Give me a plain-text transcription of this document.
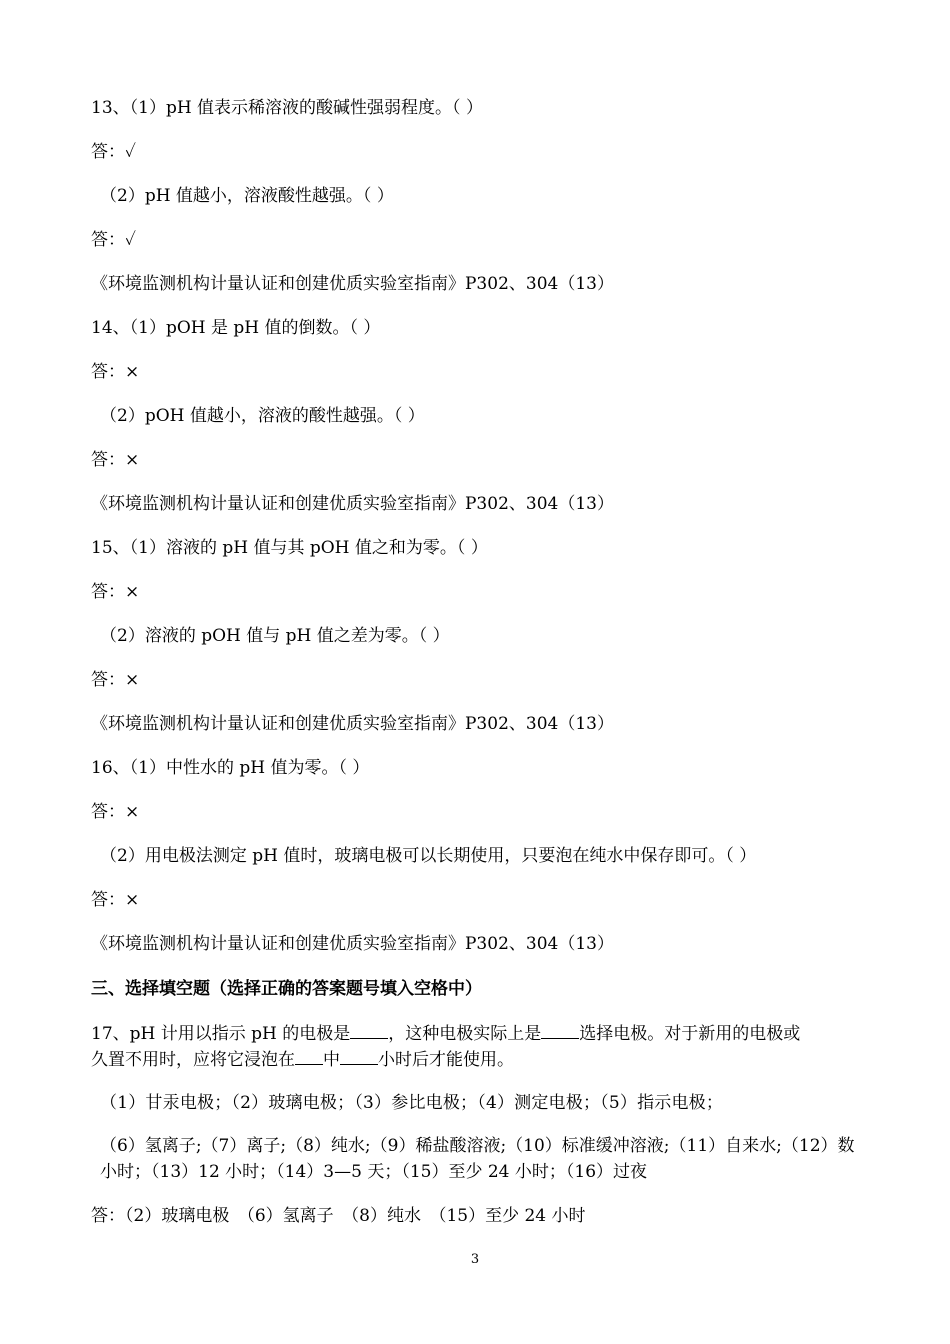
13、（1）pH 值表示稀溶液的酸碱性强弱程度。（ ）
答：✓
（2）pH 值越小，溶液酸性越强。（ ）
答：✓
《环境监测机构计量认证和创建优质实验室指南》P302、304（13）
14、（1）pOH 是 pH 值的倒数。（ ）
答：×
（2）pOH 值越小，溶液的酸性越强。（ ）
答：×
《环境监测机构计量认证和创建优质实验室指南》P302、304（13）
15、（1）溶液的 pH 值与其 pOH 值之和为零。（ ）
答：×
（2）溶液的 pOH 值与 pH 值之差为零。（ ）
答：×
《环境监测机构计量认证和创建优质实验室指南》P302、304（13）
16、（1）中性水的 pH 值为零。（ ）
答：×
（2）用电极法测定 pH 值时，玻璃电极可以长期使用，只要泡在纯水中保存即可。（ ）
答：×
《环境监测机构计量认证和创建优质实验室指南》P302、304（13）
三、选择填空题（选择正确的答案题号填入空格中）
17、pH 计用以指示 pH 的电极是 ，这种电极实际上是 选择电极。对于新用的电极或
久置不用时，应将它浸泡在 中 小时后才能使用。
（1）甘汞电极；（2）玻璃电极；（3）参比电极；（4）测定电极；（5）指示电极；
（6）氢离子;（7）离子;（8）纯水;（9）稀盐酸溶液;（10）标准缓冲溶液;（11）自来水;（12）数小时；（13）12 小时；（14）3—5 天；（15）至少 24 小时；（16）过夜
答：（2）玻璃电极　（6）氢离子　（8）纯水　（15）至少 24 小时
3
